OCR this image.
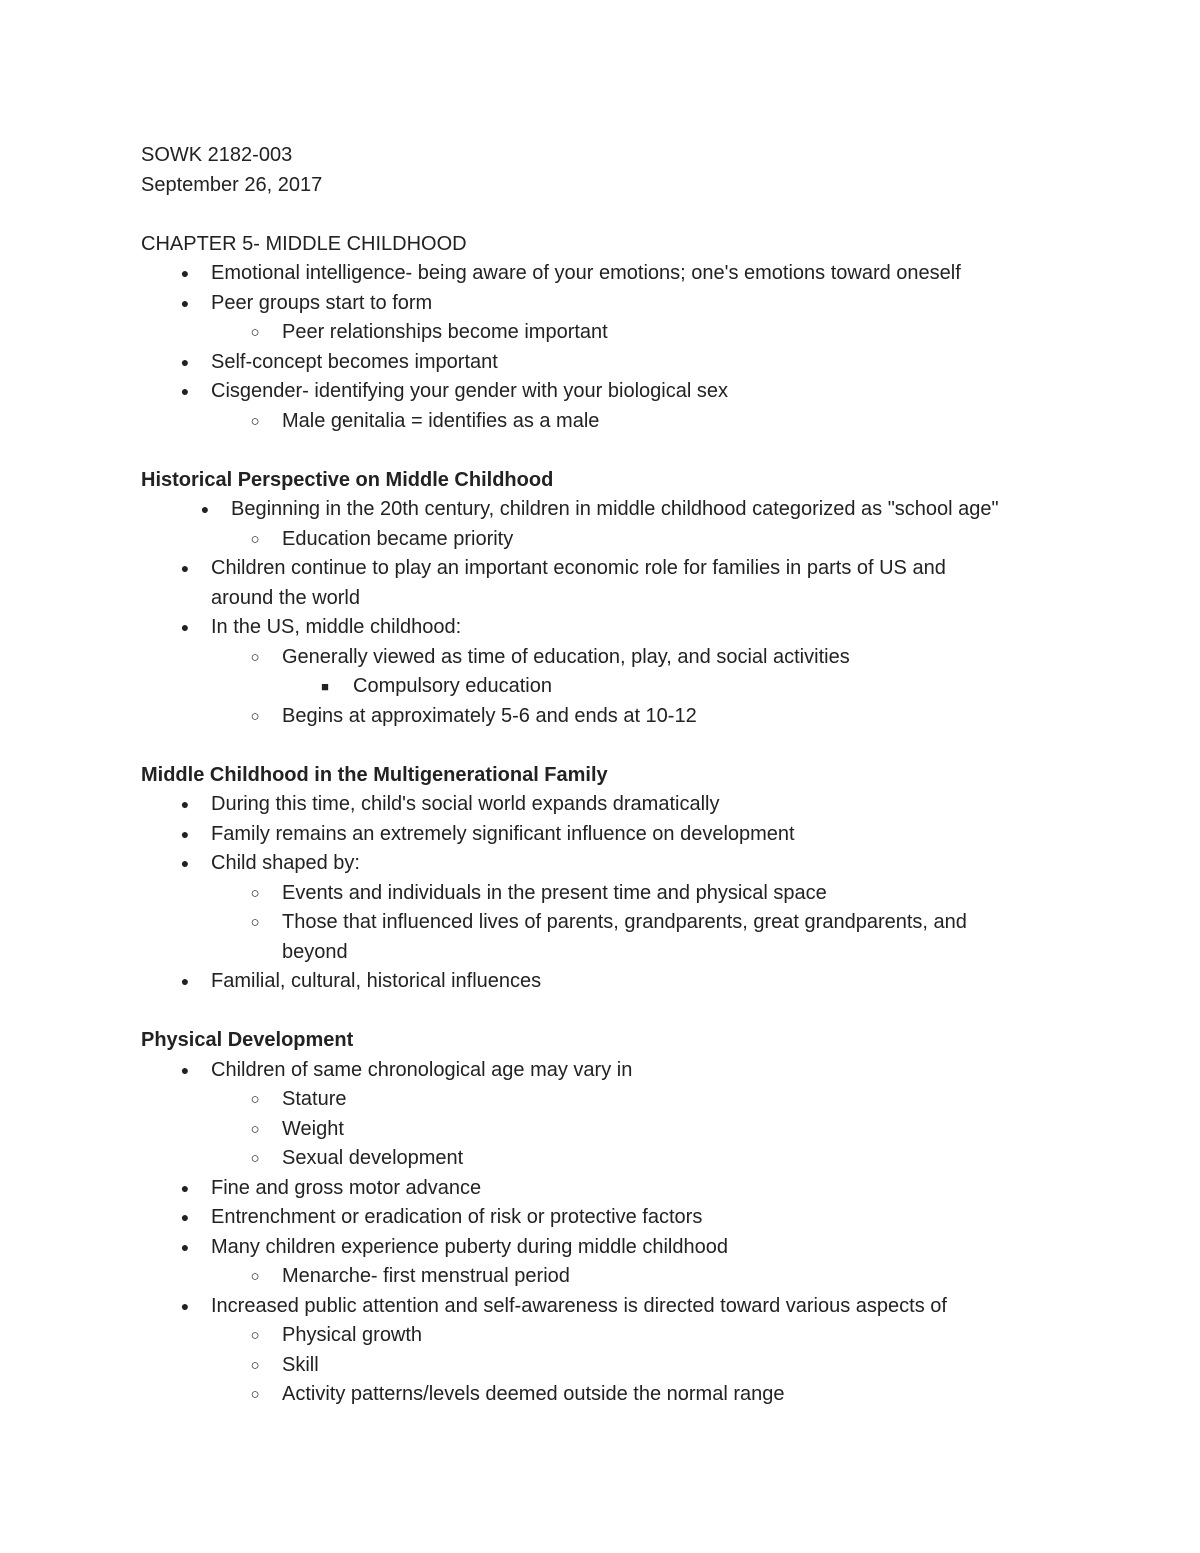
SOWK 2182-003
September 26, 2017
CHAPTER 5- MIDDLE CHILDHOOD
● Emotional intelligence- being aware of your emotions; one's emotions toward oneself
● Peer groups start to form
○ Peer relationships become important
● Self-concept becomes important
● Cisgender- identifying your gender with your biological sex
○ Male genitalia = identifies as a male
Historical Perspective on Middle Childhood
● Beginning in the 20th century, children in middle childhood categorized as "school age"
○ Education became priority
● Children continue to play an important economic role for families in parts of US and
around the world
● In the US, middle childhood:
○ Generally viewed as time of education, play, and social activities
■	Compulsory education
○ Begins at approximately 5-6 and ends at 10-12
Middle Childhood in the Multigenerational Family
● During this time, child's social world expands dramatically
● Family remains an extremely significant influence on development
● Child shaped by:
○ Events and individuals in the present time and physical space
○ Those that influenced lives of parents, grandparents, great grandparents, and
beyond
● Familial, cultural, historical influences
Physical Development
● Children of same chronological age may vary in
○ Stature
○ Weight
○ Sexual development
● Fine and gross motor advance
● Entrenchment or eradication of risk or protective factors
● Many children experience puberty during middle childhood
○ Menarche- first menstrual period
● Increased public attention and self-awareness is directed toward various aspects of
○ Physical growth
○ Skill
○ Activity patterns/levels deemed outside the normal range
